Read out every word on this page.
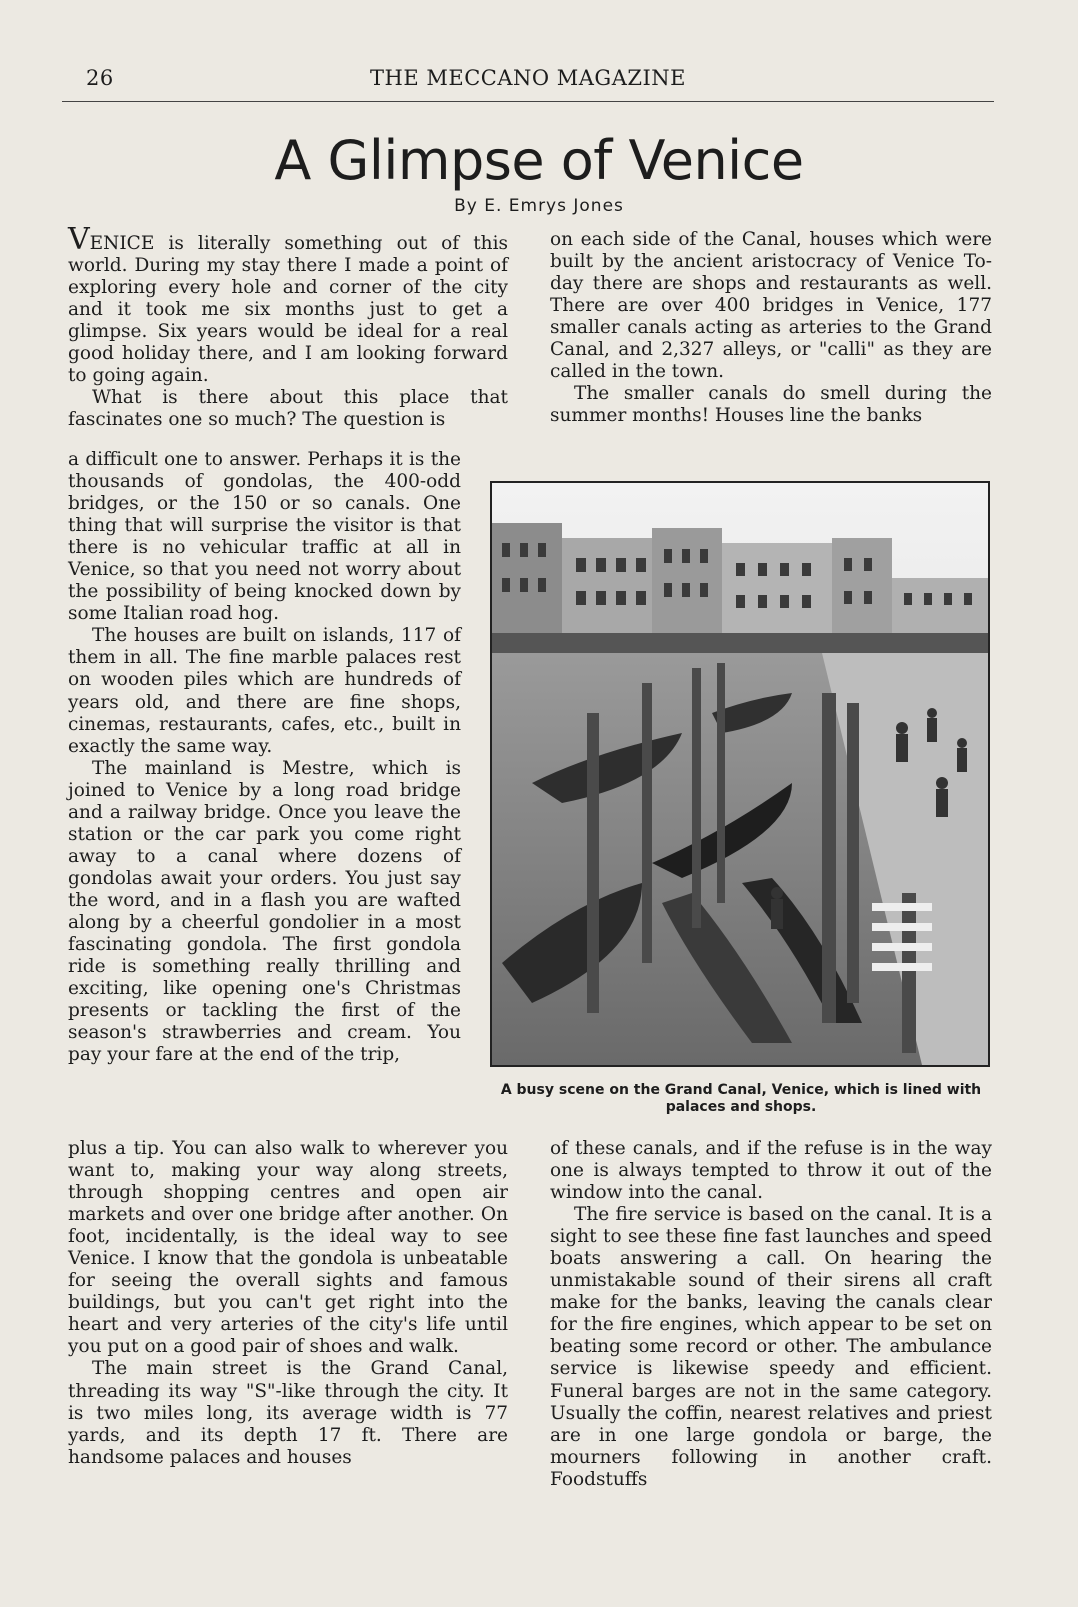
26	THE MECCANO MAGAZINE
A Glimpse of Venice
By E. Emrys Jones

VENICE is literally something out of this world. During my stay there I made a point of exploring every hole and corner of the city and it took me six months just to get a glimpse. Six years would be ideal for a real good holiday there, and I am looking forward to going again.

What is there about this place that fascinates one so much? The question is

a difficult one to answer. Perhaps it is the thousands of gondolas, the 400-odd bridges, or the 150 or so canals. One thing that will surprise the visitor is that there is no vehicular traffic at all in Venice, so that you need not worry about the possibility of being knocked down by some Italian road hog.

The houses are built on islands, 117 of them in all. The fine marble palaces rest on wooden piles which are hundreds of years old, and there are fine shops, cinemas, restaurants, cafes, etc., built in exactly the same way.

The mainland is Mestre, which is joined to Venice by a long road bridge and a railway bridge. Once you leave the station or the car park you come right away to a canal where dozens of gondolas await your orders. You just say the word, and in a flash you are wafted along by a cheerful gondolier in a most fascinating gondola. The first gondola ride is something really thrilling and exciting, like opening one's Christmas presents or tackling the first of the season's strawberries and cream. You pay your fare at the end of the trip,

plus a tip. You can also walk to wherever you want to, making your way along streets, through shopping centres and open air markets and over one bridge after another. On foot, incidentally, is the ideal way to see Venice. I know that the gondola is unbeatable for seeing the overall sights and famous buildings, but you can't get right into the heart and very arteries of the city's life until you put on a good pair of shoes and walk.

The main street is the Grand Canal, threading its way "S"-like through the city. It is two miles long, its average width is 77 yards, and its depth 17 ft. There are handsome palaces and houses

on each side of the Canal, houses which were built by the ancient aristocracy of Venice To-day there are shops and restaurants as well. There are over 400 bridges in Venice, 177 smaller canals acting as arteries to the Grand Canal, and 2,327 alleys, or "calli" as they are called in the town.

The smaller canals do smell during the summer months! Houses line the banks

A busy scene on the Grand Canal, Venice, which is lined with palaces and shops.

of these canals, and if the refuse is in the way one is always tempted to throw it out of the window into the canal.

The fire service is based on the canal. It is a sight to see these fine fast launches and speed boats answering a call. On hearing the unmistakable sound of their sirens all craft make for the banks, leaving the canals clear for the fire engines, which appear to be set on beating some record or other. The ambulance service is likewise speedy and efficient. Funeral barges are not in the same category. Usually the coffin, nearest relatives and priest are in one large gondola or barge, the mourners following in another craft. Foodstuffs
